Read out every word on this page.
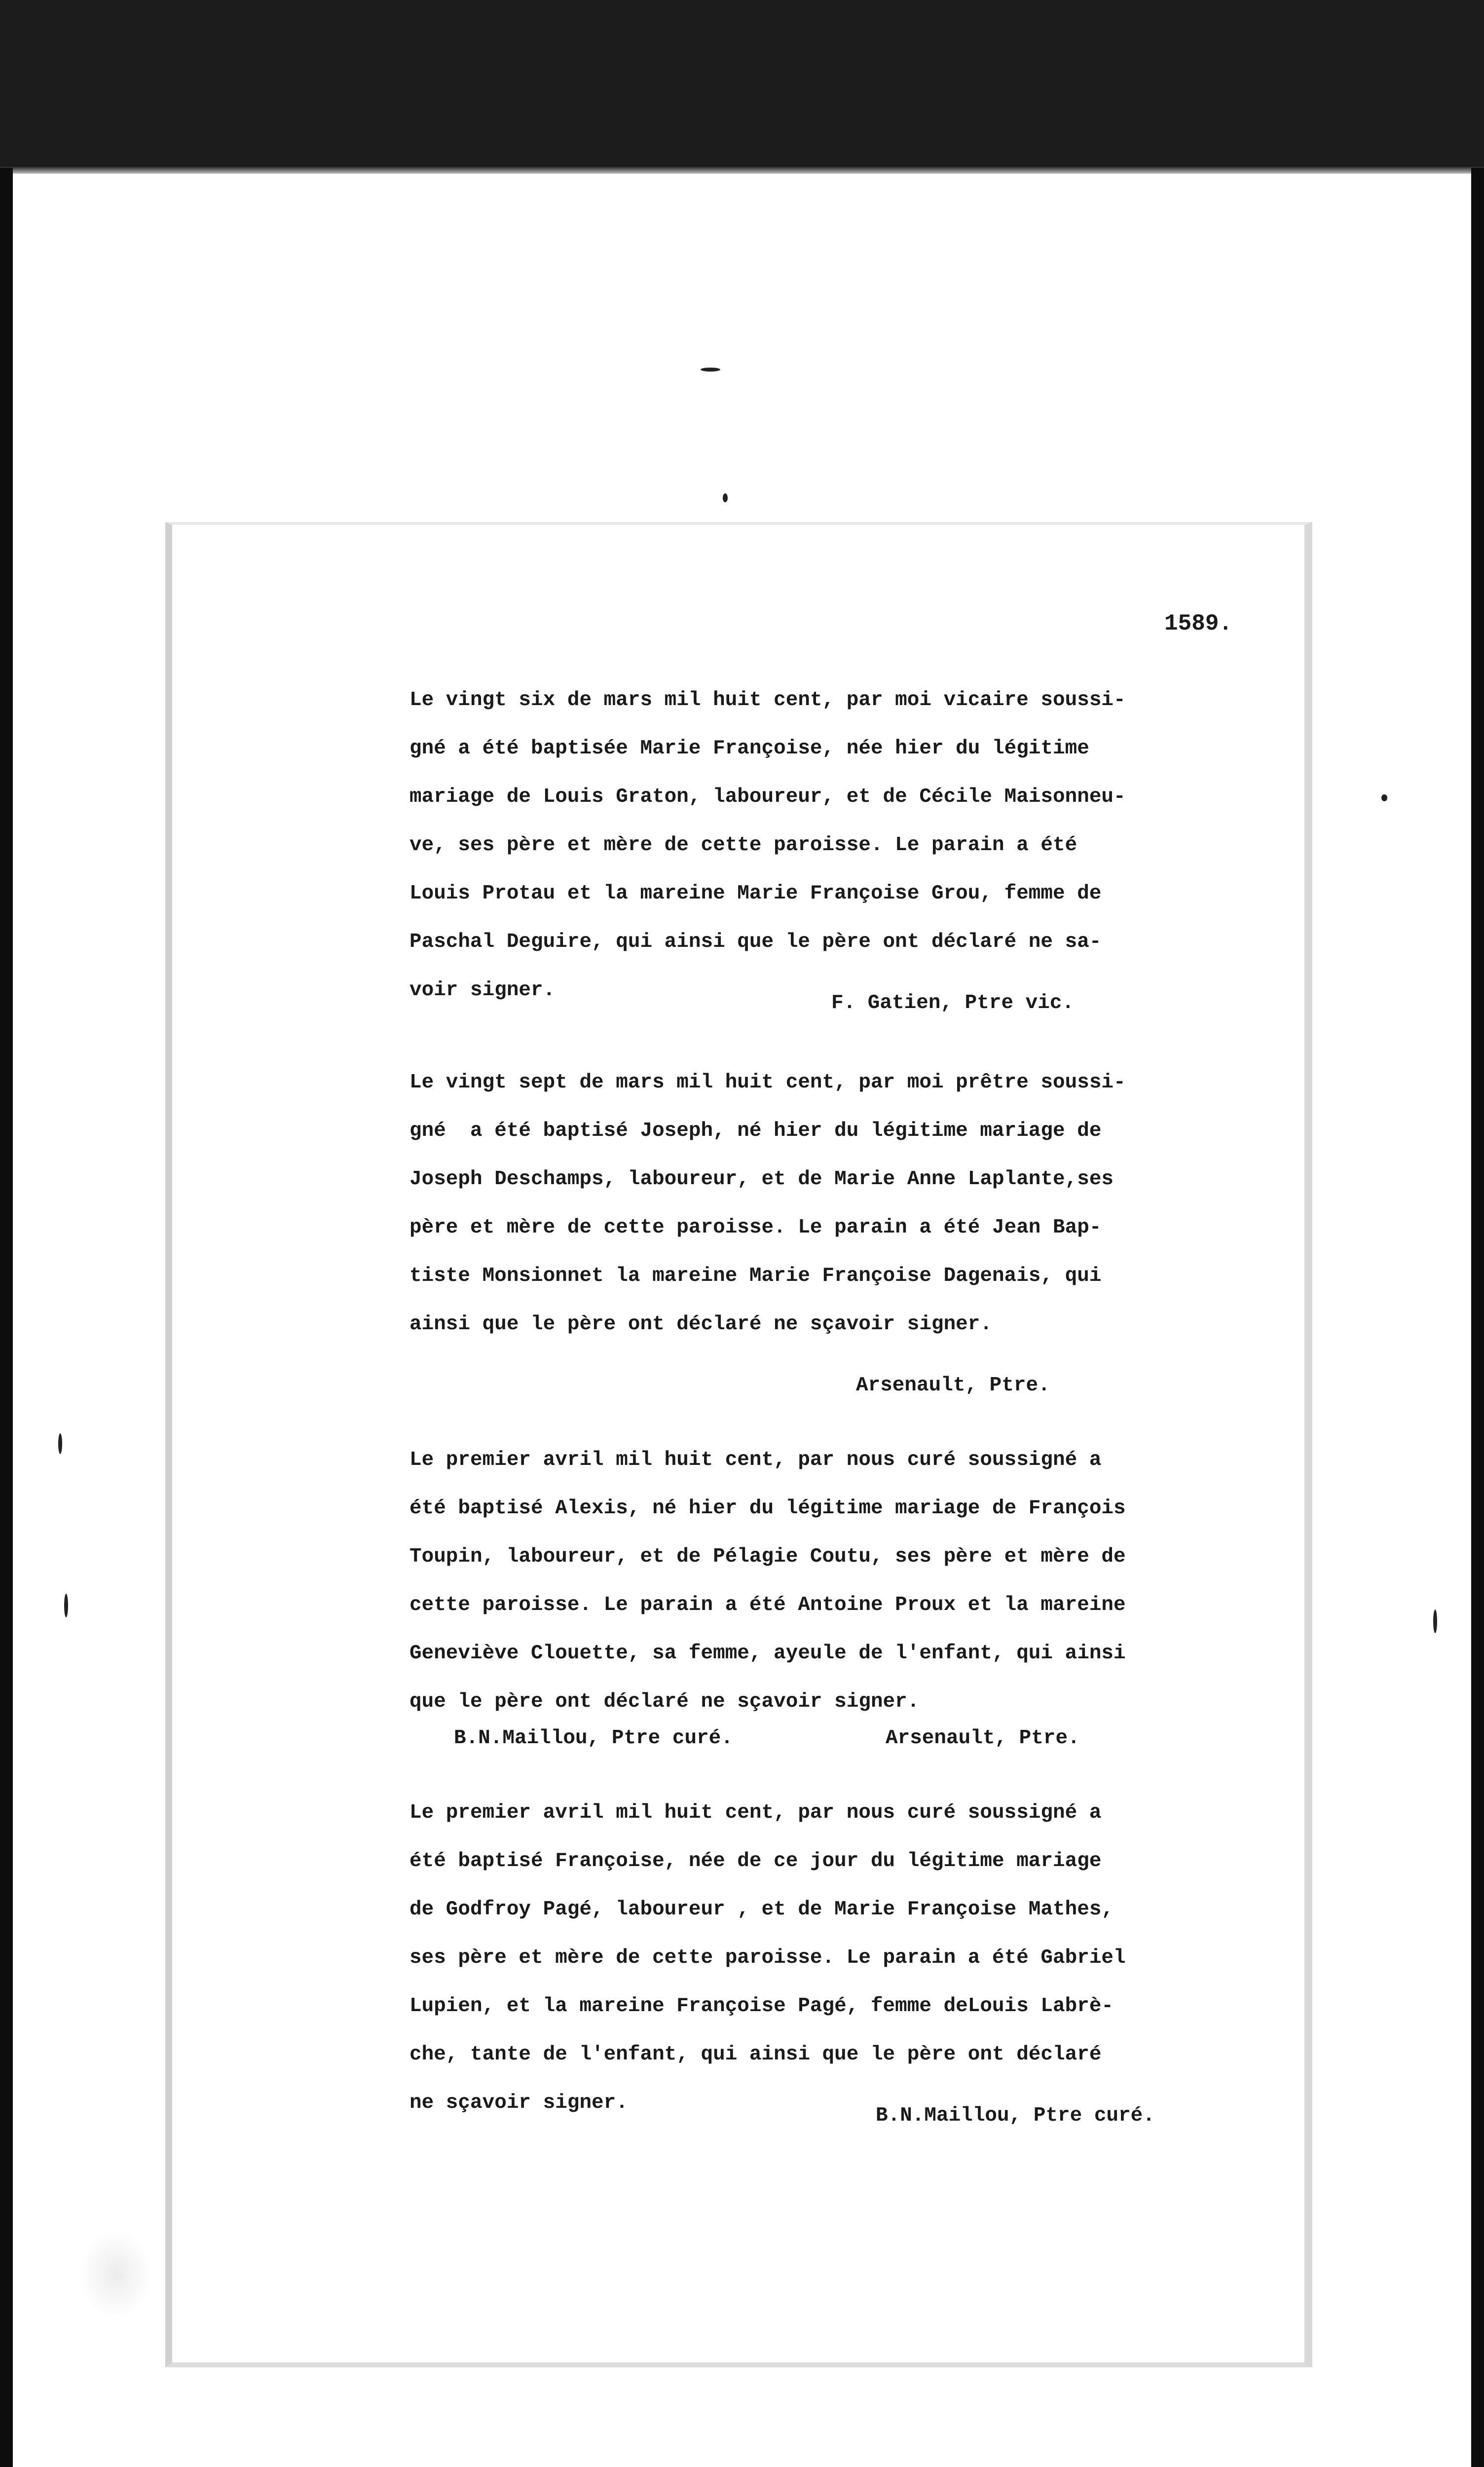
1589.
Le vingt six de mars mil huit cent, par moi vicaire soussi-
gné a été baptisée Marie Françoise, née hier du légitime
mariage de Louis Graton, laboureur, et de Cécile Maisonneu-
ve, ses père et mère de cette paroisse. Le parain a été
Louis Protau et la mareine Marie Françoise Grou, femme de
Paschal Deguire, qui ainsi que le père ont déclaré ne sa-
voir signer.
F. Gatien, Ptre vic.
Le vingt sept de mars mil huit cent, par moi prêtre soussi-
gné  a été baptisé Joseph, né hier du légitime mariage de
Joseph Deschamps, laboureur, et de Marie Anne Laplante,ses
père et mère de cette paroisse. Le parain a été Jean Bap-
tiste Monsionnet la mareine Marie Françoise Dagenais, qui
ainsi que le père ont déclaré ne sçavoir signer.
Arsenault, Ptre.
Le premier avril mil huit cent, par nous curé soussigné a
été baptisé Alexis, né hier du légitime mariage de François
Toupin, laboureur, et de Pélagie Coutu, ses père et mère de
cette paroisse. Le parain a été Antoine Proux et la mareine
Geneviève Clouette, sa femme, ayeule de l'enfant, qui ainsi
que le père ont déclaré ne sçavoir signer.
B.N.Maillou, Ptre curé.	Arsenault, Ptre.
Le premier avril mil huit cent, par nous curé soussigné a
été baptisé Françoise, née de ce jour du légitime mariage
de Godfroy Pagé, laboureur , et de Marie Françoise Mathes,
ses père et mère de cette paroisse. Le parain a été Gabriel
Lupien, et la mareine Françoise Pagé, femme deLouis Labrè-
che, tante de l'enfant, qui ainsi que le père ont déclaré
ne sçavoir signer.
B.N.Maillou, Ptre curé.
